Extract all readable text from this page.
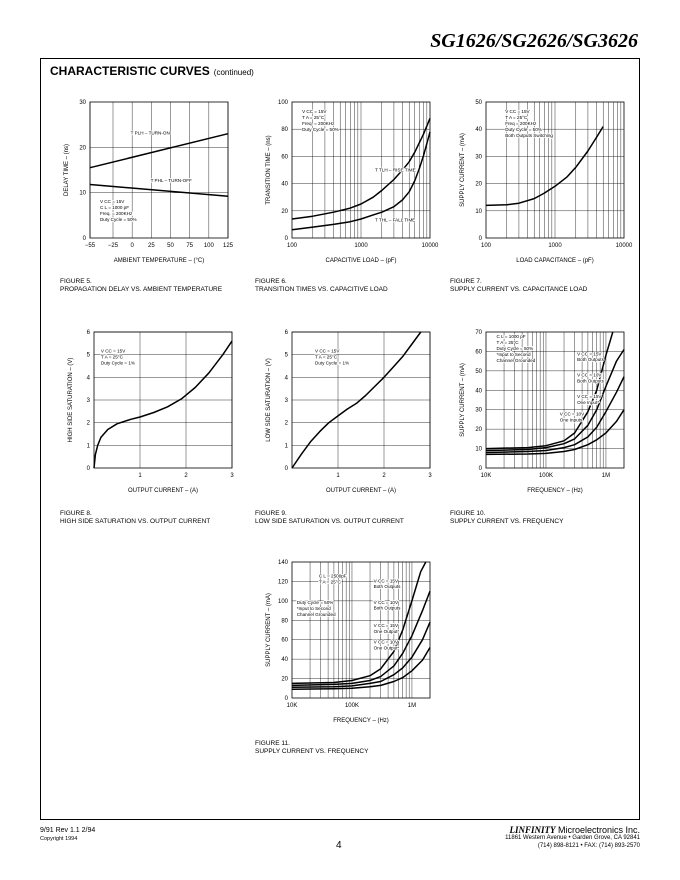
SG1626/SG2626/SG3626
CHARACTERISTIC CURVES (continued)
−55 −25 0 25 50 75 100 125
0
10
20
30
AMBIENT TEMPERATURE – (°C)
DELAY TIME – (ns)
T PLH – TURN-ON
T PHL – TURN-OFF
V CC = 15V
C L = 1000 pF
Freq. = 200KHz
Duty Cycle = 50%
100	1000	10000
0
20
40
60
80
100
CAPACITIVE LOAD – (pF)
TRANSITION TIME – (ns)	T TLH – RISE TIME
T THL – FALL TIME
V CC = 15V
T A = 25°C
Freq. = 200KHz
Duty Cycle = 50%
100	1000	10000
0
10
20
30
40
50
LOAD CAPACITANCE – (pF)
SUPPLY CURRENT – (mA)
V CC = 15V
T A = 25°C
Freq = 200KHz
Duty Cycle = 50%
Both Outputs Switching
1	2	3
0
1
2
3
4
5
6
OUTPUT CURRENT – (A)
HIGH SIDE SATURATION – (V)
V CC = 15V
T A = 25°C
Duty Cycle = 1%
1	2	3
0
1
2
3
4
5
6
OUTPUT CURRENT – (A)
LOW SIDE SATURATION – (V)
V CC = 15V
T A = 25°C
Duty Cycle = 1%
10K	100K	1M
0
10
20
30
40
50
60
70
FREQUENCY – (Hz)
SUPPLY CURRENT – (mA)
V CC = 15V
Both Outputs
V CC = 10V
Both Outputs
V CC = 15V
One Input*
V CC = 10V
One Inputs
C L = 1000 pF
T A = 25°C
Duty Cycle = 50%
*Input to Second
Channel Grounded
10K	100K	1M
0
20
40
60
80
100
120
140
FREQUENCY – (Hz)
SUPPLY CURRENT – (mA)
V CC = 15V
Both Outputs
V CC = 10V
Both Outputs
V CC = 15V
One Output*
V CC = 10V
One Output*
C L = 2500pF
T A = 25°C
Duty Cycle = 50%
*Input to Second
Channel Grounded
FIGURE 5.
PROPAGATION DELAY VS. AMBIENT TEMPERATURE
FIGURE 6.
TRANSITION TIMES VS. CAPACITIVE LOAD
FIGURE 7.
SUPPLY CURRENT VS. CAPACITANCE LOAD
FIGURE 8.
HIGH SIDE SATURATION VS. OUTPUT CURRENT
FIGURE 9.
LOW SIDE SATURATION VS. OUTPUT CURRENT
FIGURE 10.
SUPPLY CURRENT VS. FREQUENCY
FIGURE 11.
SUPPLY CURRENT VS. FREQUENCY
9/91 Rev 1.1 2/94
Copyright 1994
4
LINFINITY Microelectronics Inc.
11861 Western Avenue • Garden Grove, CA 92841
(714) 898-8121 • FAX: (714) 893-2570
